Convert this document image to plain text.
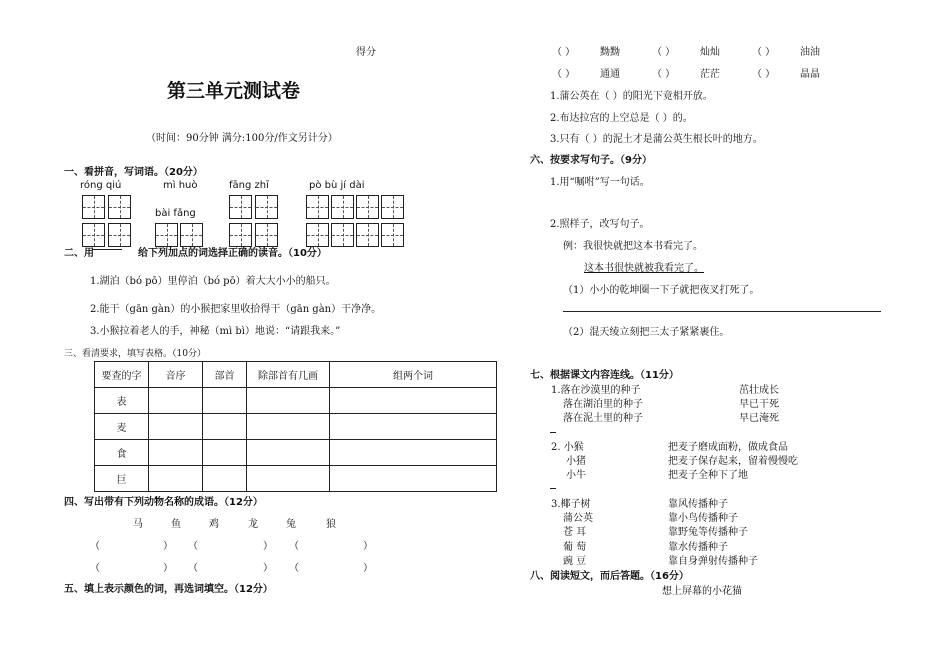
得分
第三单元测试卷
（时间：90分钟 满分:100分/作文另计分）
一、看拼音，写词语。（20分）
róng qiú	mì huò	fāng zhī	pò bù jí dài
bài fǎng
二、用	给下列加点的词选择正确的读音。（10分）
1.湖泊（bó pō）里停泊（bó pō）着大大小小的船只。
2.能干（gān gàn）的小猴把家里收拾得干（gān gàn）干净净。
3.小猴拉着老人的手，神秘（mì bì）地说：“请跟我来。”
三、看清要求，填写表格。（10分）
要查的字	音序	部首	除部首有几画	组两个词
表				
麦				
食				
巨				
四、写出带有下列动物名称的成语。（12分）
马	鱼	鸡	龙	兔	狼
（	） （	） （	）
（	） （	） （	）
五、填上表示颜色的词，再选词填空。（12分）
（ ） 黝黝	（ ） 灿灿	（ ） 油油
（ ） 通通	（ ） 茫茫	（ ） 晶晶
1.蒲公英在（ ）的阳光下竟相开放。
2.布达拉宫的上空总是（ ）的。
3.只有（ ）的泥土才是蒲公英生根长叶的地方。
六、按要求写句子。（9分）
1.用“嘱咐”写一句话。
2.照样子，改写句子。
例：我很快就把这本书看完了。
这本书很快就被我看完了。
（1）小小的乾坤圈一下子就把夜叉打死了。
（2）混天绫立刻把三太子紧紧裹住。
七、根据课文内容连线。（11分）
1.落在沙漠里的种子
落在湖泊里的种子
落在泥土里的种子
茁壮成长
早已干死
早已淹死
2. 小猴
小猪
小牛
把麦子磨成面粉，做成食品
把麦子保存起来，留着慢慢吃
把麦子全种下了地
3.椰子树
蒲公英
苍 耳
葡 萄
豌 豆
靠风传播种子
靠小鸟传播种子
靠野兔等传播种子
靠水传播种子
靠自身弹射传播种子
八、阅读短文，而后答题。（16分）
想上屏幕的小花猫
